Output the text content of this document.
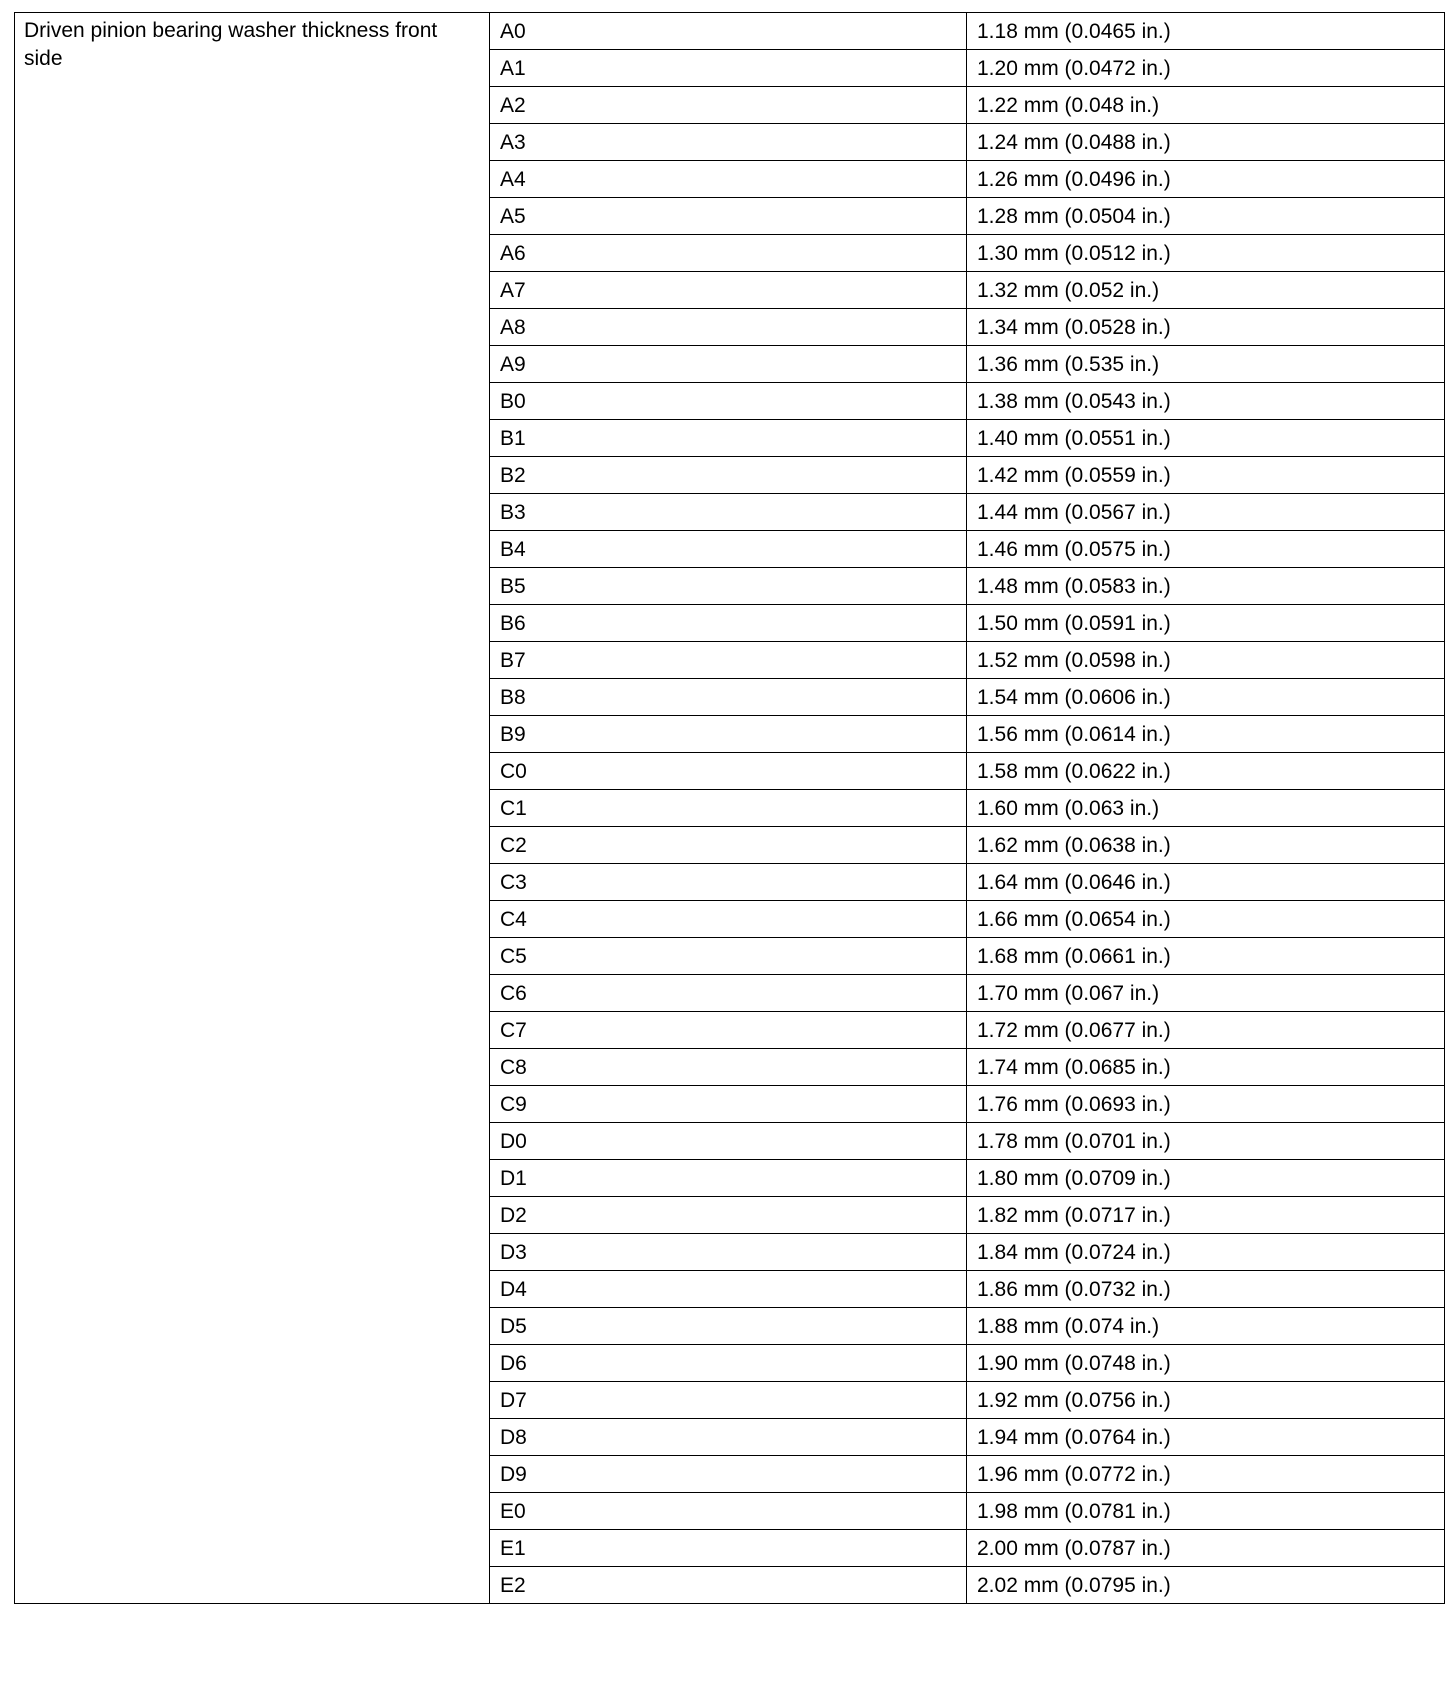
Driven pinion bearing washer thickness front side	A0	1.18 mm (0.0465 in.)
	A1	1.20 mm (0.0472 in.)
	A2	1.22 mm (0.048 in.)
	A3	1.24 mm (0.0488 in.)
	A4	1.26 mm (0.0496 in.)
	A5	1.28 mm (0.0504 in.)
	A6	1.30 mm (0.0512 in.)
	A7	1.32 mm (0.052 in.)
	A8	1.34 mm (0.0528 in.)
	A9	1.36 mm (0.535 in.)
	B0	1.38 mm (0.0543 in.)
	B1	1.40 mm (0.0551 in.)
	B2	1.42 mm (0.0559 in.)
	B3	1.44 mm (0.0567 in.)
	B4	1.46 mm (0.0575 in.)
	B5	1.48 mm (0.0583 in.)
	B6	1.50 mm (0.0591 in.)
	B7	1.52 mm (0.0598 in.)
	B8	1.54 mm (0.0606 in.)
	B9	1.56 mm (0.0614 in.)
	C0	1.58 mm (0.0622 in.)
	C1	1.60 mm (0.063 in.)
	C2	1.62 mm (0.0638 in.)
	C3	1.64 mm (0.0646 in.)
	C4	1.66 mm (0.0654 in.)
	C5	1.68 mm (0.0661 in.)
	C6	1.70 mm (0.067 in.)
	C7	1.72 mm (0.0677 in.)
	C8	1.74 mm (0.0685 in.)
	C9	1.76 mm (0.0693 in.)
	D0	1.78 mm (0.0701 in.)
	D1	1.80 mm (0.0709 in.)
	D2	1.82 mm (0.0717 in.)
	D3	1.84 mm (0.0724 in.)
	D4	1.86 mm (0.0732 in.)
	D5	1.88 mm (0.074 in.)
	D6	1.90 mm (0.0748 in.)
	D7	1.92 mm (0.0756 in.)
	D8	1.94 mm (0.0764 in.)
	D9	1.96 mm (0.0772 in.)
	E0	1.98 mm (0.0781 in.)
	E1	2.00 mm (0.0787 in.)
	E2	2.02 mm (0.0795 in.)
